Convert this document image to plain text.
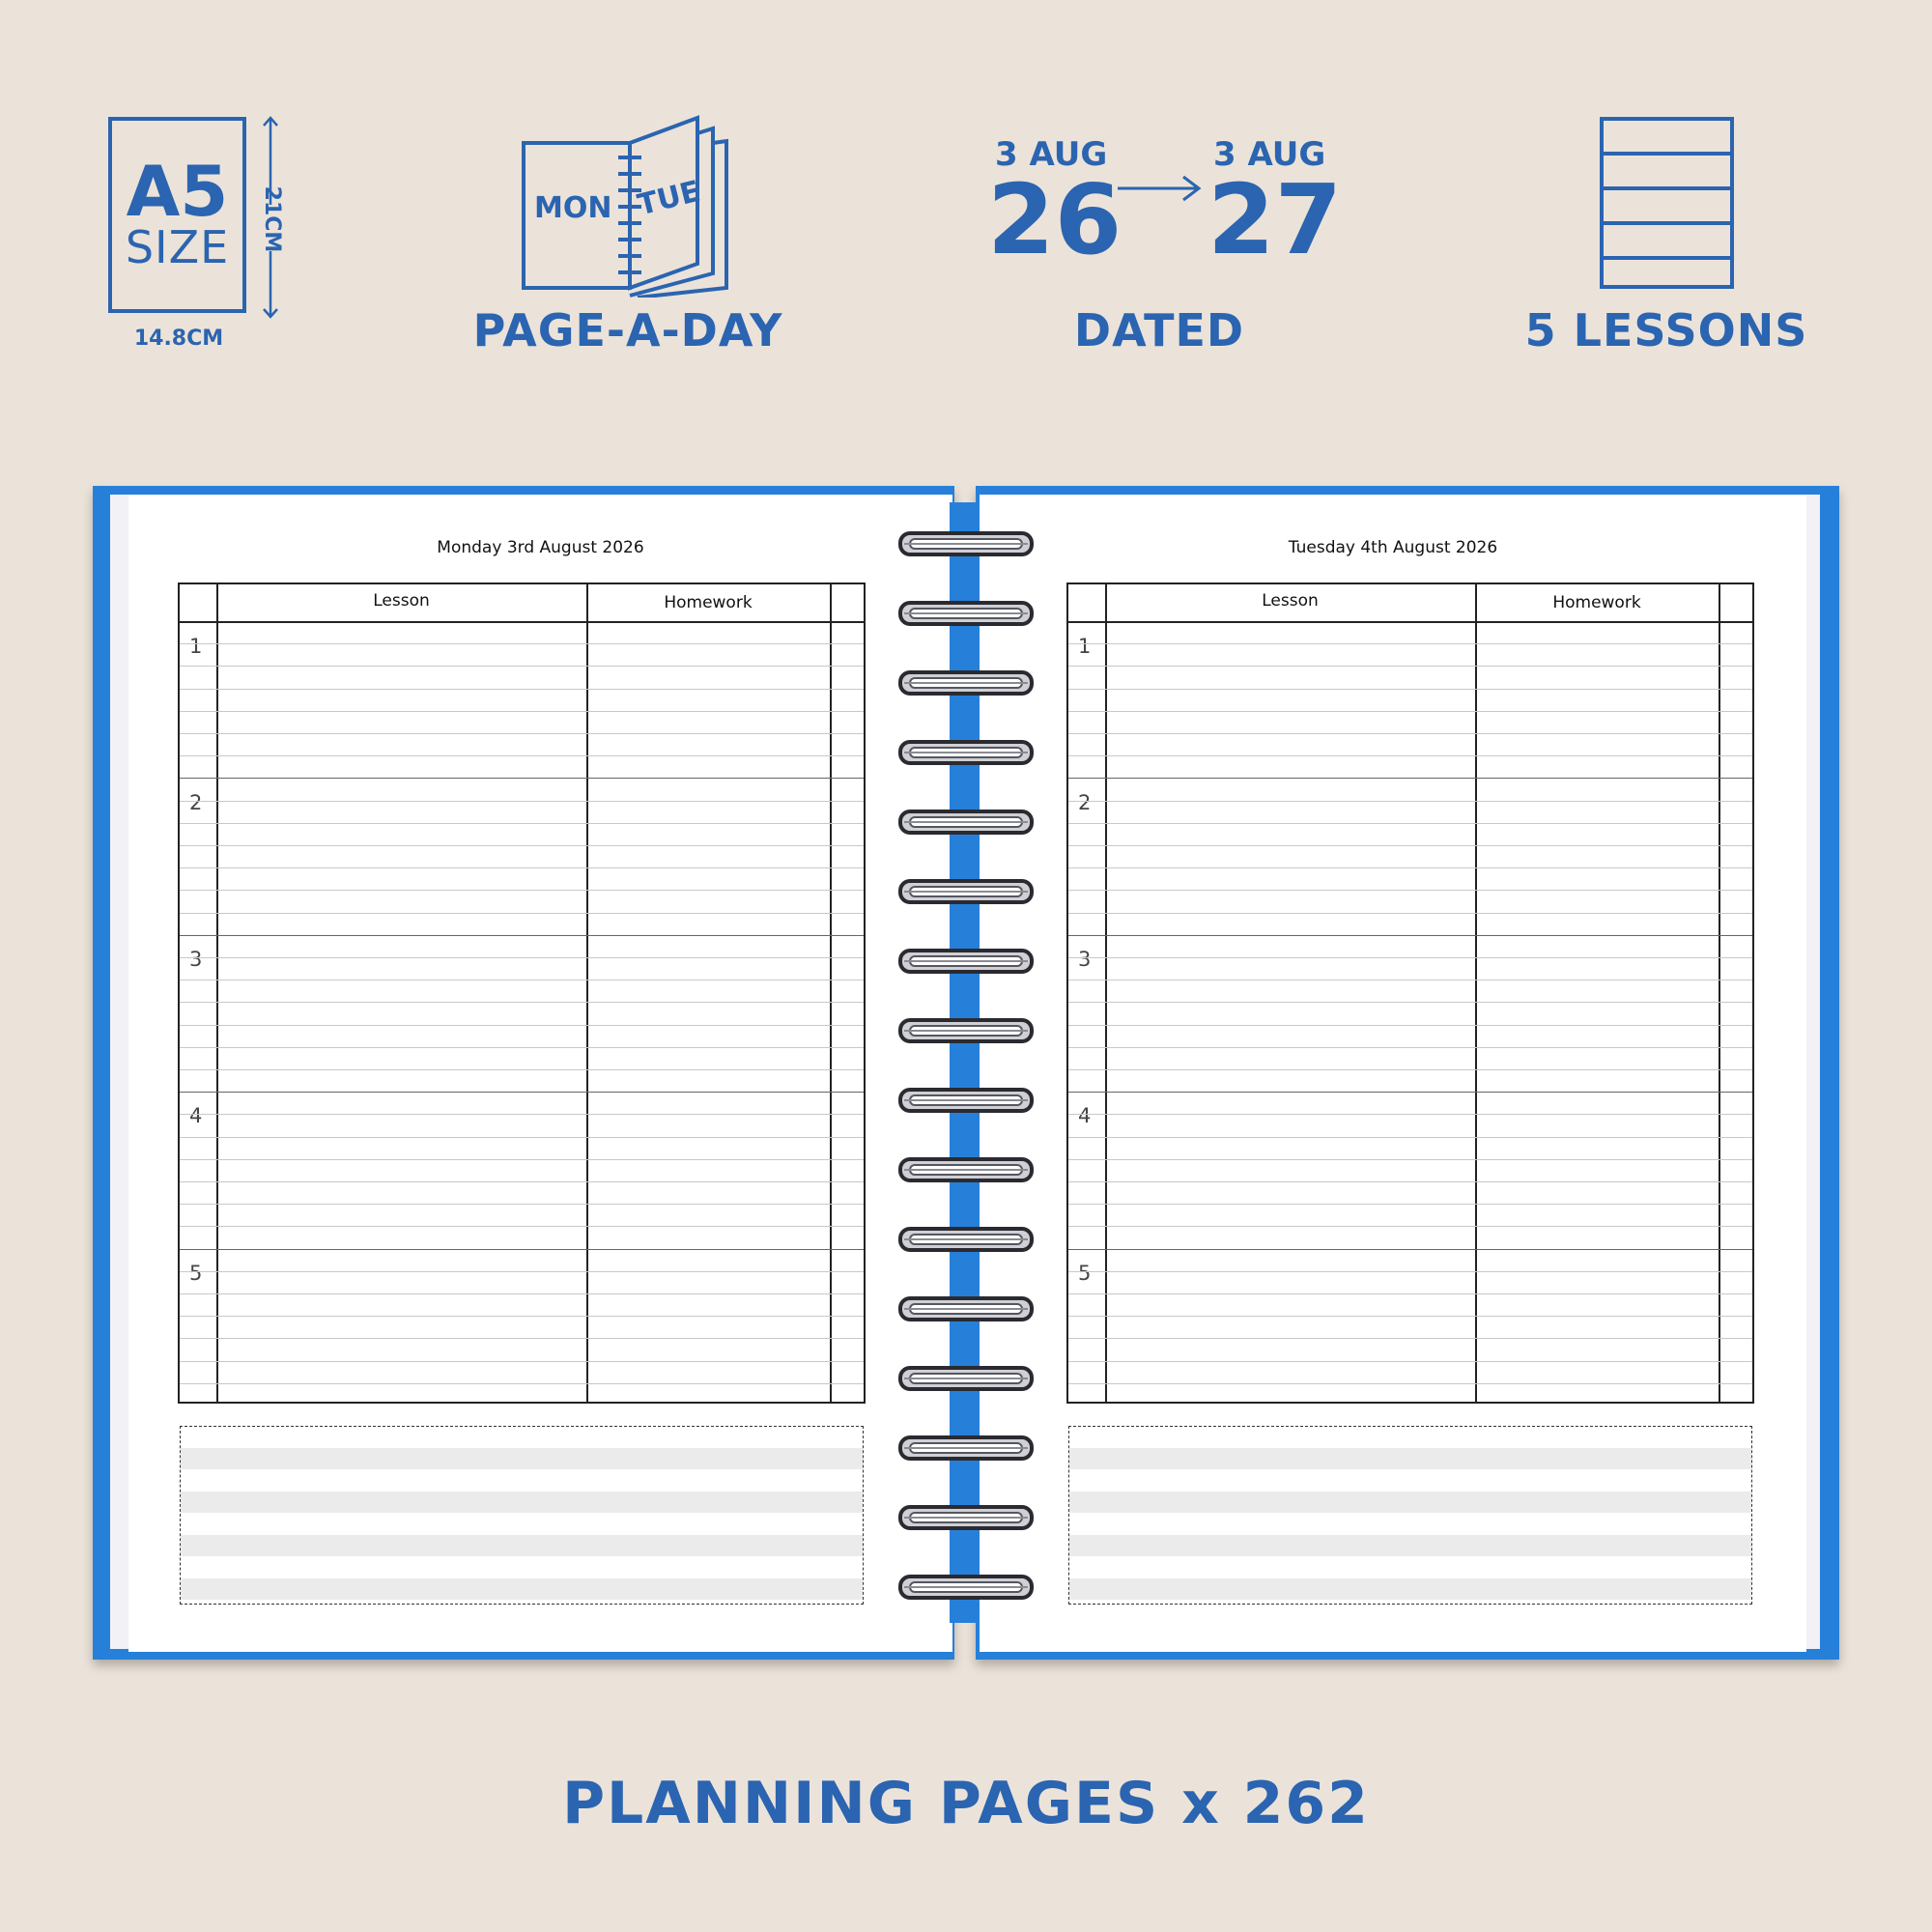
A5
SIZE	21CM
14.8CM
MON TUE
PAGE-A-DAY
3 AUG
26
3 AUG
27
DATED	5 LESSONS
Monday 3rd August 2026
Lesson	Homework
1
2
3
4
5
Tuesday 4th August 2026
Lesson	Homework
1
2
3
4
5
PLANNING PAGES x 262
